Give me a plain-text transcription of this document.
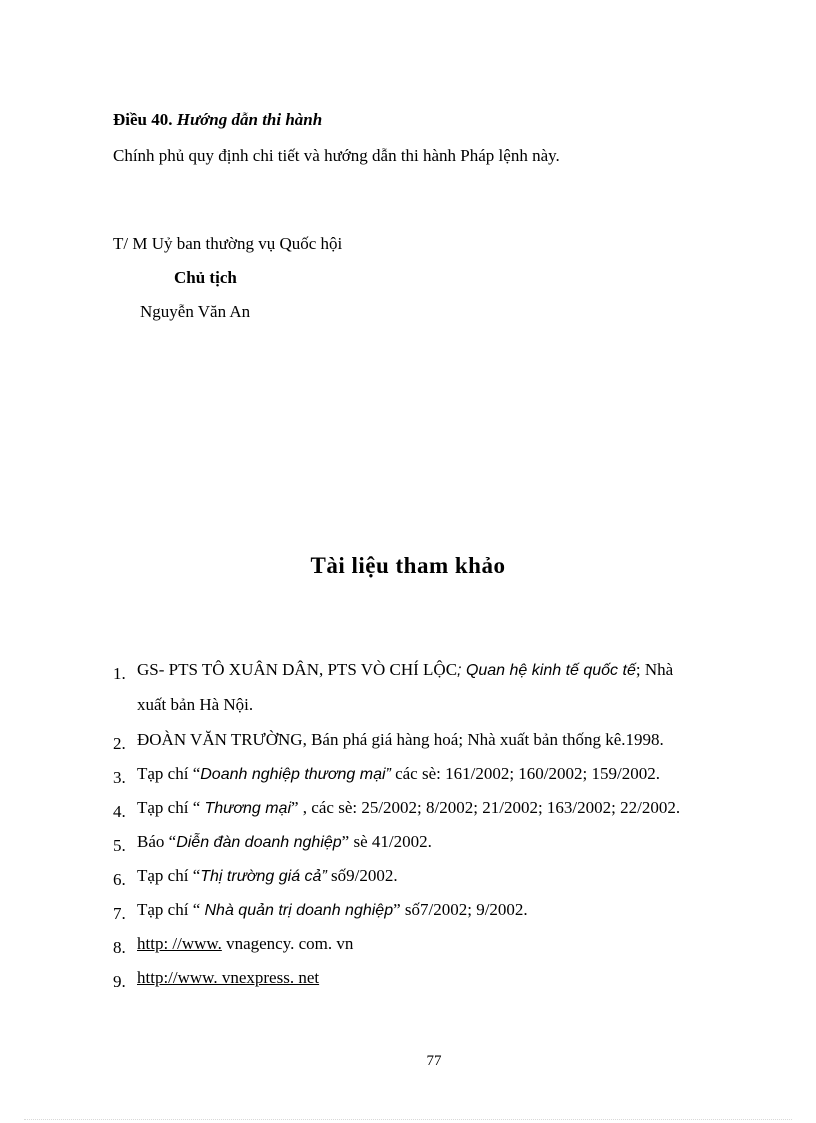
Điều 40. Hướng dẫn thi hành
Chính phủ quy định chi tiết và hướng dẫn thi hành Pháp lệnh này.
T/ M Uỷ ban thường vụ Quốc hội
Chủ tịch
Nguyễn Văn An
Tài liệu tham khảo
1. GS- PTS TÔ XUÂN DÂN, PTS VÒ CHÍ LỘC; Quan hệ kinh tế quốc tế; Nhà
xuất bản Hà Nội.
2. ĐOÀN VĂN TRƯỜNG, Bán phá giá hàng hoá; Nhà xuất bản thống kê.1998.
3. Tạp chí “Doanh nghiệp thương mại” các sè: 161/2002; 160/2002; 159/2002.
4. Tạp chí “ Thương mại” , các sè: 25/2002; 8/2002; 21/2002; 163/2002; 22/2002.
5. Báo “Diễn đàn doanh nghiệp” sè 41/2002.
6. Tạp chí “Thị trường giá cả” số9/2002.
7. Tạp chí “ Nhà quản trị doanh nghiệp” số7/2002; 9/2002.
8. http: //www. vnagency. com. vn
9. http://www. vnexpress. net
77
